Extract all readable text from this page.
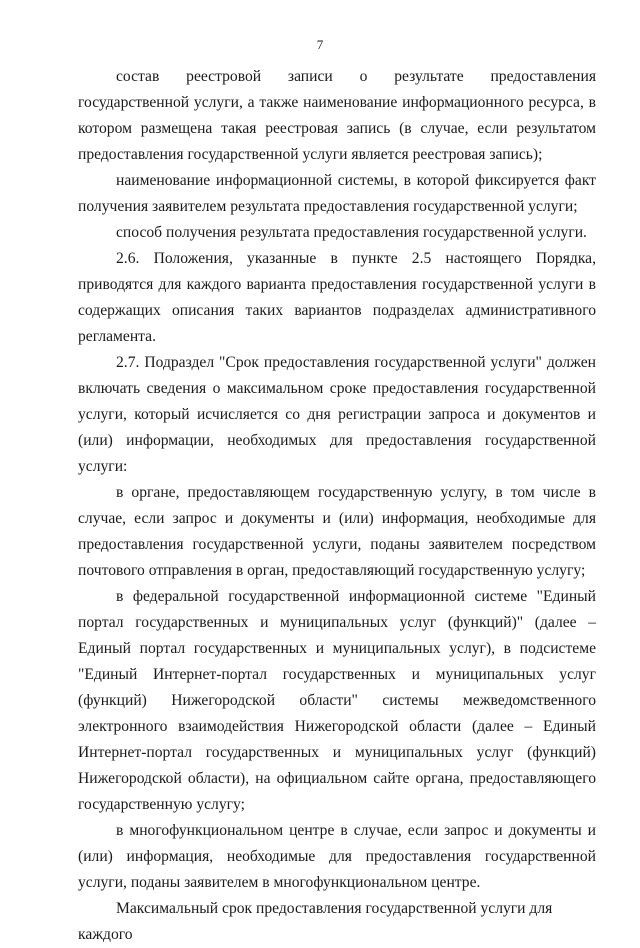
7

состав реестровой записи о результате предоставления государственной услуги, а также наименование информационного ресурса, в котором размещена такая реестровая запись (в случае, если результатом предоставления государственной услуги является реестровая запись);

наименование информационной системы, в которой фиксируется факт получения заявителем результата предоставления государственной услуги;

способ получения результата предоставления государственной услуги.

2.6. Положения, указанные в пункте 2.5 настоящего Порядка, приводятся для каждого варианта предоставления государственной услуги в содержащих описания таких вариантов подразделах административного регламента.

2.7. Подраздел "Срок предоставления государственной услуги" должен включать сведения о максимальном сроке предоставления государственной услуги, который исчисляется со дня регистрации запроса и документов и (или) информации, необходимых для предоставления государственной услуги:

в органе, предоставляющем государственную услугу, в том числе в случае, если запрос и документы и (или) информация, необходимые для предоставления государственной услуги, поданы заявителем посредством почтового отправления в орган, предоставляющий государственную услугу;

в федеральной государственной информационной системе "Единый портал государственных и муниципальных услуг (функций)" (далее – Единый портал государственных и муниципальных услуг), в подсистеме "Единый Интернет-портал государственных и муниципальных услуг (функций) Нижегородской области" системы межведомственного электронного взаимодействия Нижегородской области (далее – Единый Интернет-портал государственных и муниципальных услуг (функций) Нижегородской области), на официальном сайте органа, предоставляющего государственную услугу;

в многофункциональном центре в случае, если запрос и документы и (или) информация, необходимые для предоставления государственной услуги, поданы заявителем в многофункциональном центре.

Максимальный срок предоставления государственной услуги для каждого
